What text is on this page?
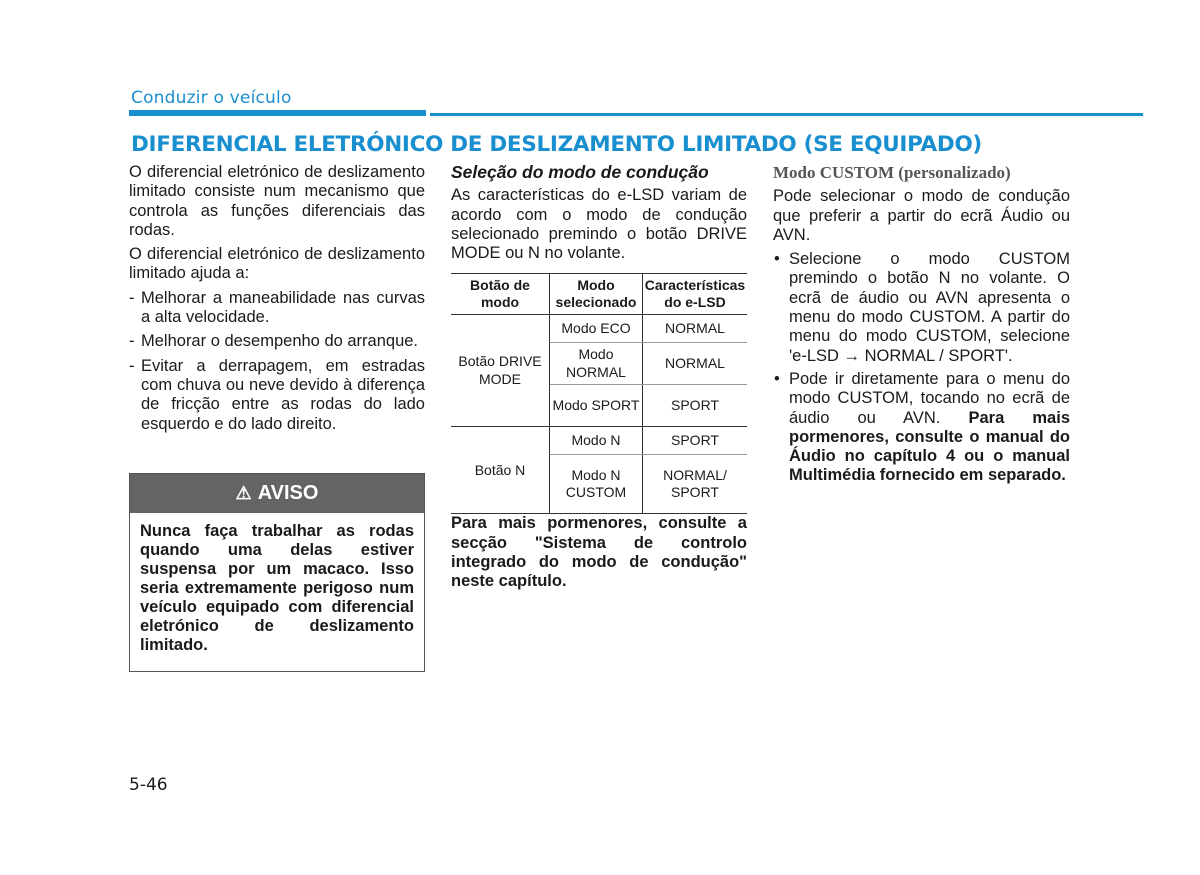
Conduzir o veículo
DIFERENCIAL ELETRÓNICO DE DESLIZAMENTO LIMITADO (SE EQUIPADO)

O diferencial eletrónico de deslizamento limitado consiste num mecanismo que controla as funções diferenciais das rodas.

O diferencial eletrónico de deslizamento limitado ajuda a:

- Melhorar a maneabilidade nas curvas a alta velocidade.
- Melhorar o desempenho do arranque.
- Evitar a derrapagem, em estradas com chuva ou neve devido à diferença de fricção entre as rodas do lado esquerdo e do lado direito.
⚠ AVISO
Nunca faça trabalhar as rodas quando uma delas estiver suspensa por um macaco. Isso seria extremamente perigoso num veículo equipado com diferencial eletrónico de deslizamento limitado.
Seleção do modo de condução

As características do e-LSD variam de acordo com o modo de condução selecionado premindo o botão DRIVE MODE ou N no volante.

Botão de modo	Modo selecionado	Características do e-LSD
Botão DRIVE MODE	Modo ECO	NORMAL
	Modo NORMAL	NORMAL
	Modo SPORT	SPORT
Botão N	Modo N	SPORT
	Modo N CUSTOM	NORMAL/ SPORT

Para mais pormenores, consulte a secção "Sistema de controlo integrado do modo de condução" neste capítulo.

Modo CUSTOM (personalizado)

Pode selecionar o modo de condução que preferir a partir do ecrã Áudio ou AVN.

• Selecione o modo CUSTOM premindo o botão N no volante. O ecrã de áudio ou AVN apresenta o menu do modo CUSTOM. A partir do menu do modo CUSTOM, selecione 'e-LSD → NORMAL / SPORT'.
• Pode ir diretamente para o menu do modo CUSTOM, tocando no ecrã de áudio ou AVN. Para mais pormenores, consulte o manual do Áudio no capítulo 4 ou o manual Multimédia fornecido em separado.
5-46
